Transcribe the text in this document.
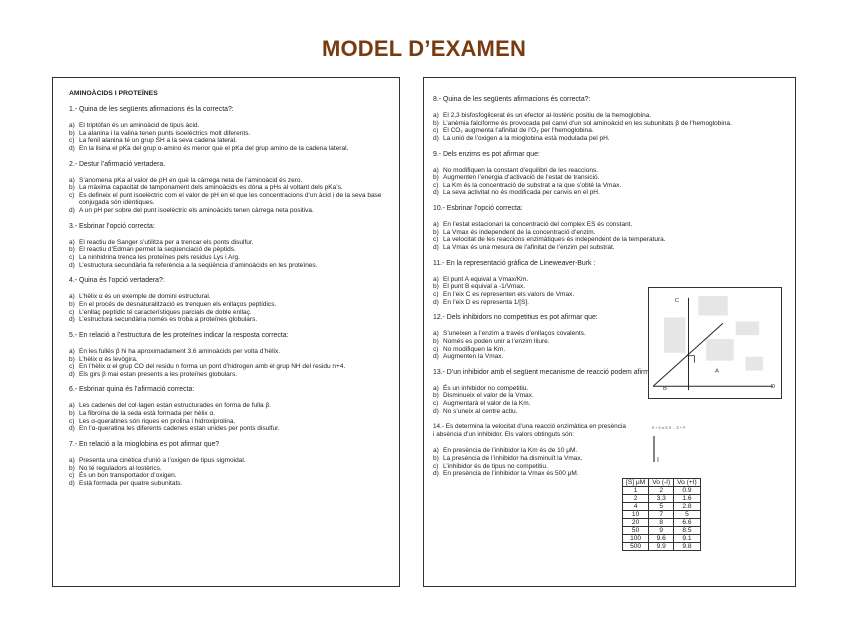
MODEL D’EXAMEN
AMINOÀCIDS I PROTEÏNES
1.- Quina de les següents afirmacions és la correcta?:
a) El triptòfan és un aminoàcid de tipus àcid.
b) La alanina i la valina tenen punts isoelèctrics molt diferents.
c) La fenil alanina té un grup SH a la seva cadena lateral.
d) En la lisina el pKa del grup α-amino és menor que el pKa del grup amino de la cadena lateral.
2.- Destur l’afirmació vertadera.
a) S’anomena pKa al valor de pH en què la càrrega neta de l’aminoàcid és zero.
b) La màxima capacitat de tamponament dels aminoàcids es dóna a pHs al voltant dels pKa’s.
c) Es defineix el punt isoelèctric com el valor de pH en el que les concentracions d’un àcid i de la seva base conjugada són idèntiques.
d) A un pH per sobre del punt isoelèctric els aminoàcids tenen càrrega neta positiva.
3.- Esbrinar l’opció correcta:
a) El reactiu de Sanger s’utilitza per a trencar els ponts disulfur.
b) El reactiu d’Edman permet la seqüenciació de pèptids.
c) La ninhidrina trenca les proteïnes pels residus Lys i Arg.
d) L’estructura secundària fa referència a la seqüència d’aminoàcids en les proteïnes.
4.- Quina és l’opció vertadera?:
a) L’hèlix α és un exemple de domini estructural.
b) En el procés de desnaturalització es trenquen els enllaços peptídics.
c) L’enllaç peptídic té característiques parcials de doble enllaç.
d) L’estructura secundària només es troba a proteïnes globulars.
5.- En relació a l’estructura de les proteïnes indicar la resposta correcta:
a) En les fullés β hi ha aproximadament 3.6 aminoàcids per volta d’hèlix.
b) L’hèlix α és levògira.
c) En l’hèlix α el grup CO del residu n forma un pont d’hidrogen amb el grup NH del residu n+4.
d) Els girs β mai estan presents a les proteïnes globulars.
6.- Esbrinar quina és l’afirmació correcta:
a) Les cadenes del col·lagen estan estructurades en forma de fulla β.
b) La fibroïna de la seda està formada per hèlix α.
c) Les α-queratines són riques en prolina i hidroxiprolina.
d) En l’α-queratina les diferents cadenes estan unides per ponts disulfur.
7.- En relació a la mioglobina es pot afirmar que?
a) Presenta una cinètica d’unió a l’oxigen de tipus sigmoidal.
b) No té reguladors al·lostèrics.
c) És un bon transportador d’oxigen.
d) Està formada per quatre subunitats.
8.- Quina de les següents afirmacions és correcta?:
a) El 2,3 bisfosfoglicerat és un efector al·lostèric positiu de la hemoglobina.
b) L’anèmia falciforme és provocada pel canvi d’un sol aminoàcid en les subunitats β de l’hemoglobina.
c) El CO₂ augmenta l’afinitat de l’O₂ per l’hemoglobina.
d) La unió de l’oxigen a la mioglobina està modulada pel pH.
9.- Dels enzims es pot afirmar que:
a) No modifiquen la constant d’equilibri de les reaccions.
b) Augmenten l’energia d’activació de l’estat de transició.
c) La Km és la concentració de substrat a la que s’obté la Vmax.
d) La seva activitat no és modificada per canvis en el pH.
10.- Esbrinar l’opció correcta:
a) En l’estat estacionari la concentració del complex ES és constant.
b) La Vmax és independent de la concentració d’enzim.
c) La velocitat de les reaccions enzimàtiques és independent de la temperatura.
d) La Vmax és una mesura de l’afinitat de l’enzim pel substrat.
11.- En la representació gràfica de Lineweaver-Burk :
a) El punt A equival a Vmax/Km.
b) El punt B equival a -1/Vmax.
c) En l’eix C es representen els valors de Vmax.
d) En l’eix D es representa 1/[S].
12.- Dels inhibidors no competitius es pot afirmar que:
a) S’uneixen a l’enzim a través d’enllaços covalents.
b) Només es poden unir a l’enzim lliure.
c) No modifiquen la Km.
d) Augmenten la Vmax.
13.- D’un inhibidor amb el següent mecanisme de reacció podem afirmar que:
a) És un inhibidor no competitiu.
b) Disminueix el valor de la Vmax.
c) Augmentarà el valor de la Km.
d) No s’uneix al centre actiu.
14.- Es determina la velocitat d’una reacció enzimàtica en presència i absència d’un inhibidor. Els valors obtinguts són:
a) En presència de l’inhibidor la Km és de 10 μM.
b) La presència de l’inhibidor ha disminuït la Vmax.
c) L’inhibidor és de tipus no competitiu.
d) En presència de l’inhibidor la Vmax és 500 μM.
C
A
B	D
E + S ⇌ E S → E + P
I
[S] μM	Vo (-I)	Vo (+I)
1	2	0.9
2	3.3	1.6
4	5	2.8
10	7	5
20	8	6.6
50	9	8.5
100	9.6	9.1
500	9.9	9.8
